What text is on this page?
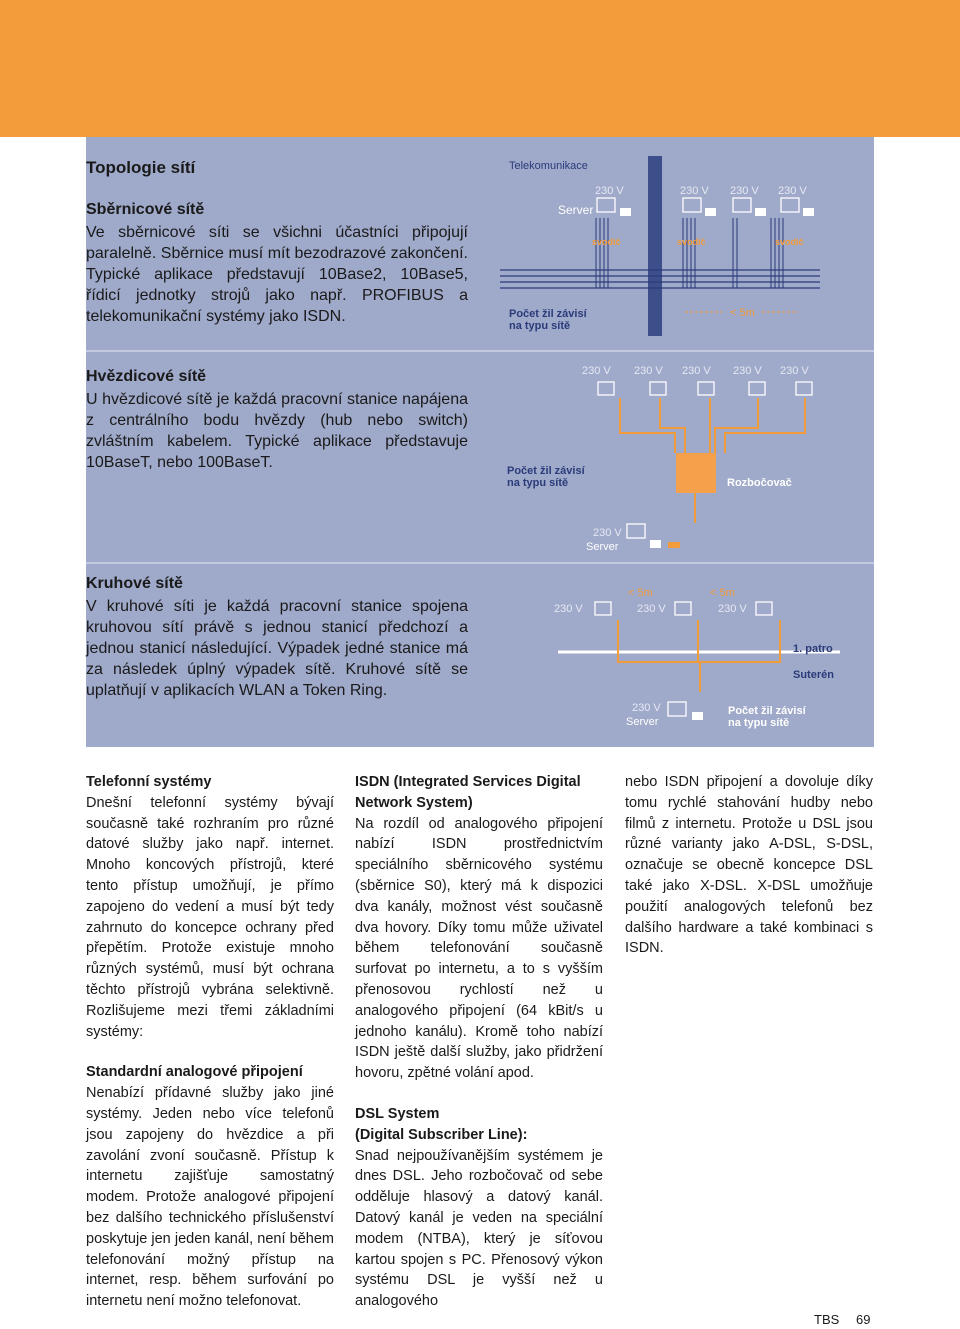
Topologie sítí
Sběrnicové sítě
Ve sběrnicové síti se všichni účastníci připojují paralelně. Sběrnice musí mít bezodrazové zakončení. Typické aplikace představují 10Base2, 10Base5, řídicí jednotky strojů jako např. PROFIBUS a telekomunikační systémy jako ISDN.
Telekomunikace
Server
230 V	230 V 230 V 230 V
svodič	svodič	svodič
Počet žil závisí
na typu sítě
< 5m
Hvězdicové sítě
U hvězdicové sítě je každá pracovní stanice napájena z centrálního bodu hvězdy (hub nebo switch) zvláštním kabelem. Typické aplikace představuje 10BaseT, nebo 100BaseT.
230 V 230 V 230 V 230 V 230 V
Počet žil závisí
na typu sítě	Rozbočovač
230 V
Server
Kruhové sítě
V kruhové síti je každá pracovní stanice spojena kruhovou sítí právě s jednou stanicí předchozí a jednou stanicí následující. Výpadek jedné stanice má za následek úplný výpadek sítě. Kruhové sítě se uplatňují v aplikacích WLAN a Token Ring.
230 V	230 V	230 V
< 5m	< 5m
1. patro
Suterén
230 V
Server
Počet žil závisí
na typu sítě
Telefonní systémy

Dnešní telefonní systémy bývají současně také rozhraním pro různé datové služby jako např. internet. Mnoho koncových přístrojů, které tento přístup umožňují, je přímo zapojeno do vedení a musí být tedy zahrnuto do koncepce ochrany před přepětím. Protože existuje mnoho různých systémů, musí být ochrana těchto přístrojů vybrána selektivně. Rozlišujeme mezi třemi základními systémy:

Standardní analogové připojení

Nenabízí přídavné služby jako jiné systémy. Jeden nebo více telefonů jsou zapojeny do hvězdice a při zavolání zvoní současně. Přístup k internetu zajišťuje samostatný modem. Protože analogové připojení bez dalšího technického příslušenství poskytuje jen jeden kanál, není během telefonování možný přístup na internet, resp. během surfování po internetu není možno telefonovat.

ISDN (Integrated Services Digital Network System)

Na rozdíl od analogového připojení nabízí ISDN prostřednictvím speciálního sběrnicového systému (sběrnice S0), který má k dispozici dva kanály, možnost vést současně dva hovory. Díky tomu může uživatel během telefonování současně surfovat po internetu, a to s vyšším přenosovou rychlostí než u analogového připojení (64 kBit/s u jednoho kanálu). Kromě toho nabízí ISDN ještě další služby, jako přidržení hovoru, zpětné volání apod.

DSL System
(Digital Subscriber Line):

Snad nejpoužívanějším systémem je dnes DSL. Jeho rozbočovač od sebe odděluje hlasový a datový kanál. Datový kanál je veden na speciální modem (NTBA), který je síťovou kartou spojen s PC. Přenosový výkon systému DSL je vyšší než u analogového

nebo ISDN připojení a dovoluje díky tomu rychlé stahování hudby nebo filmů z internetu. Protože u DSL jsou různé varianty jako A-DSL, S-DSL, označuje se obecně koncepce DSL také jako X-DSL. X-DSL umožňuje použití analogových telefonů bez dalšího hardware a také kombinaci s ISDN.

TBS 69
